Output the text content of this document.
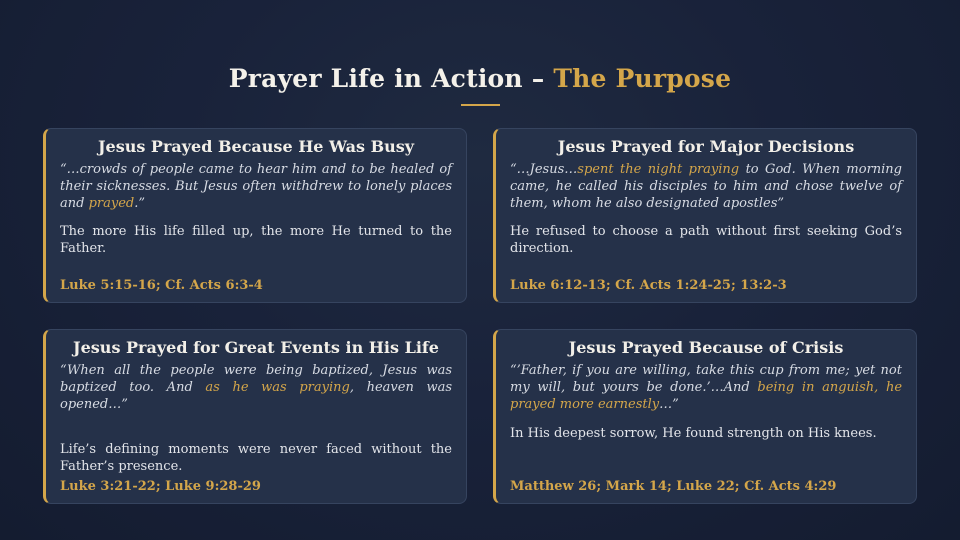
Prayer Life in Action – The Purpose
Jesus Prayed Because He Was Busy
“…crowds of people came to hear him and to be healed of their sicknesses. But Jesus often withdrew to lonely places and prayed.”
The more His life filled up, the more He turned to the Father.
Luke 5:15-16; Cf. Acts 6:3-4
Jesus Prayed for Major Decisions
“…Jesus…spent the night praying to God. When morning came, he called his disciples to him and chose twelve of them, whom he also designated apostles”
He refused to choose a path without first seeking God’s direction.
Luke 6:12-13; Cf. Acts 1:24-25; 13:2-3
Jesus Prayed for Great Events in His Life
“When all the people were being baptized, Jesus was baptized too. And as he was praying, heaven was opened…”
Life’s defining moments were never faced without the Father’s presence.
Luke 3:21-22; Luke 9:28-29
Jesus Prayed Because of Crisis
“’Father, if you are willing, take this cup from me; yet not my will, but yours be done.’…And being in anguish, he prayed more earnestly…”
In His deepest sorrow, He found strength on His knees.
Matthew 26; Mark 14; Luke 22; Cf. Acts 4:29
